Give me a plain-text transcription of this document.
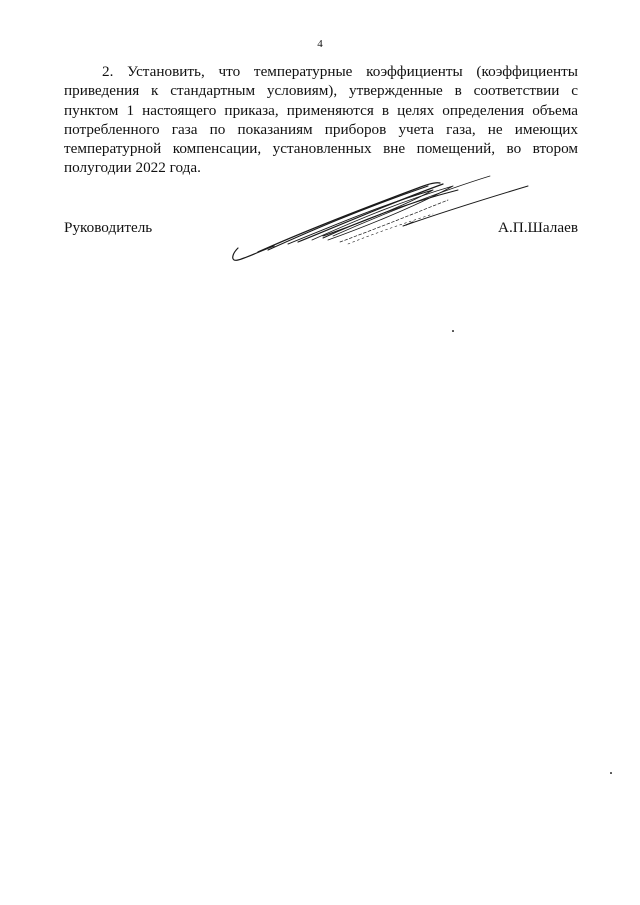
4

2. Установить, что температурные коэффициенты (коэффициенты приведения к стандартным условиям), утвержденные в соответствии с пунктом 1 настоящего приказа, применяются в целях определения объема потребленного газа по показаниям приборов учета газа, не имеющих температурной компенсации, установленных вне помещений, во втором полугодии 2022 года.

Руководитель	А.П.Шалаев
